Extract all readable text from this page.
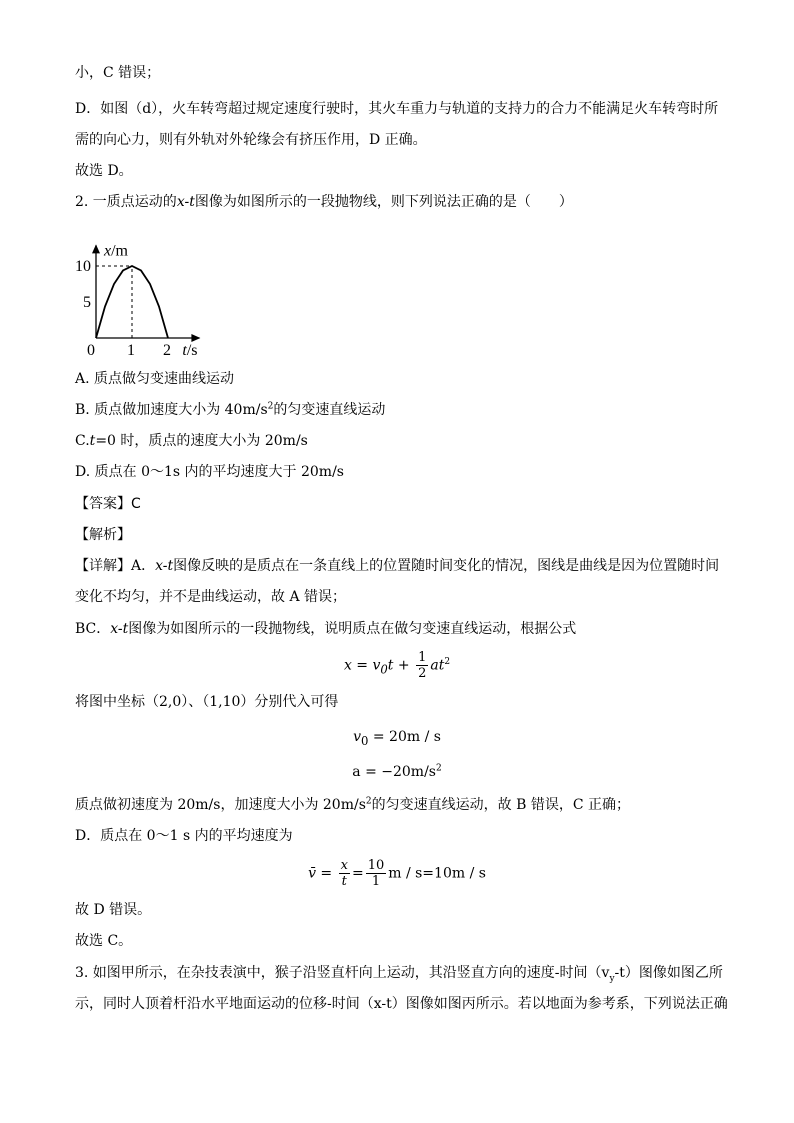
小，C 错误；
D．如图（d），火车转弯超过规定速度行驶时，其火车重力与轨道的支持力的合力不能满足火车转弯时所
需的向心力，则有外轨对外轮缘会有挤压作用，D 正确。
故选 D。
2. 一质点运动的x-t图像为如图所示的一段抛物线，则下列说法正确的是（　　）
0 1 2
5
10
x/m
t/s
A. 质点做匀变速曲线运动
B. 质点做加速度大小为 $40m/s^2$的匀变速直线运动
C.t=0 时，质点的速度大小为 20m/s
D. 质点在 0～1s 内的平均速度大于 20m/s
【答案】C
【解析】
【详解】A．x-t图像反映的是质点在一条直线上的位置随时间变化的情况，图线是曲线是因为位置随时间
变化不均匀，并不是曲线运动，故 A 错误；
BC．x-t图像为如图所示的一段抛物线，说明质点在做匀变速直线运动，根据公式
$x = v_0t + \frac{1}{2} at^2$
将图中坐标（2,0）、（1,10）分别代入可得
$v_0 = 20m / s$
$a = -20m/s^2$
质点做初速度为 20m/s，加速度大小为 $20m/s^2$的匀变速直线运动，故 B 错误，C 正确；
D．质点在 0～1 s 内的平均速度为
v̄ = $\frac{x}{t} = \frac{10}{1}$ m / s=10m / s
故 D 错误。
故选 C。
3. 如图甲所示，在杂技表演中，猴子沿竖直杆向上运动，其沿竖直方向的速度-时间$(v_y-t)$图像如图乙所
示，同时人顶着杆沿水平地面运动的位移-时间（x-t）图像如图丙所示。若以地面为参考系，下列说法正确
